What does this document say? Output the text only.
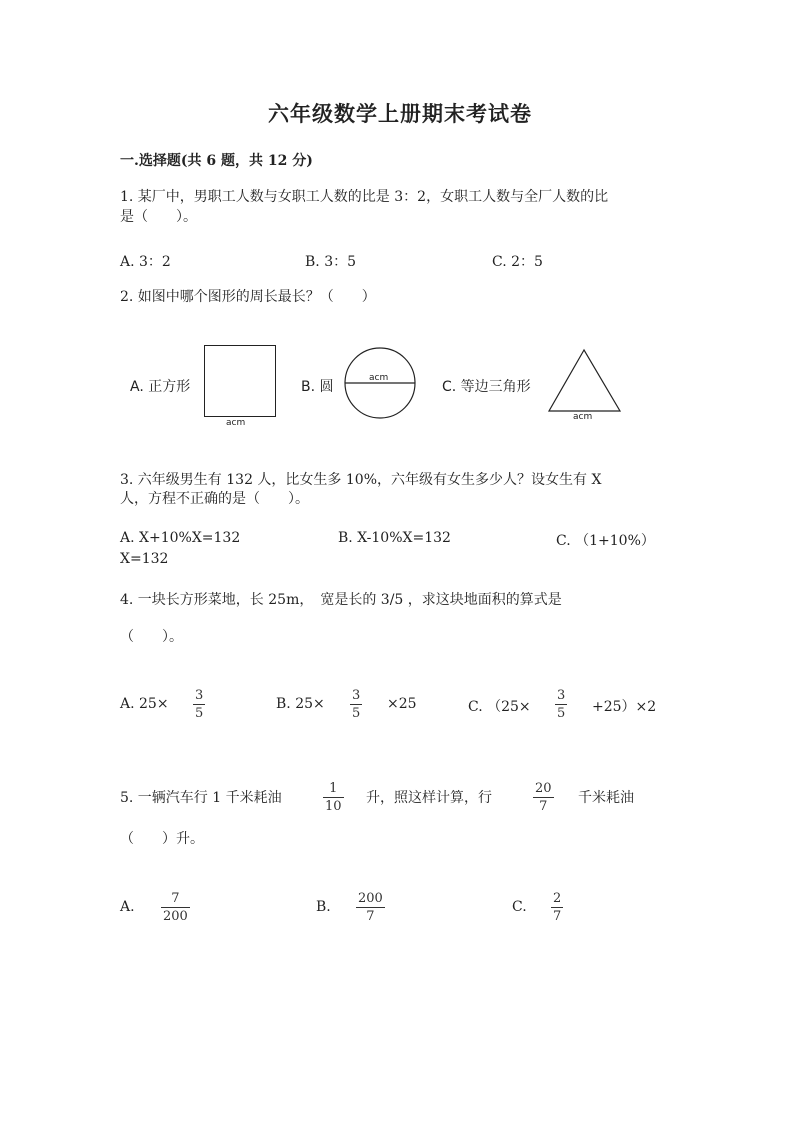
六年级数学上册期末考试卷
一.选择题(共 6 题，共 12 分)
1. 某厂中，男职工人数与女职工人数的比是 3：2，女职工人数与全厂人数的比
是（　　）。
A. 3：2	B. 3：5	C. 2：5
2. 如图中哪个图形的周长最长？（　　）
A. 正方形
acm
B. 圆
acm
C. 等边三角形
acm
3. 六年级男生有 132 人，比女生多 10%，六年级有女生多少人？设女生有 X
人，方程不正确的是（　　）。
A. X+10%X=132	B. X-10%X=132	C. （1+10%）
X=132
4. 一块长方形菜地，长 25m，　宽是长的 3/5 ，求这块地面积的算式是
（　　）。
A. 25×
3
5
B. 25×
3
5
×25	C. （25×
3
5 +25）×2
5. 一辆汽车行 1 千米耗油
1
10
升，照这样计算，行
20
7
千米耗油
（　　）升。
A.
7
200
B.
200
7
C.
2
7
